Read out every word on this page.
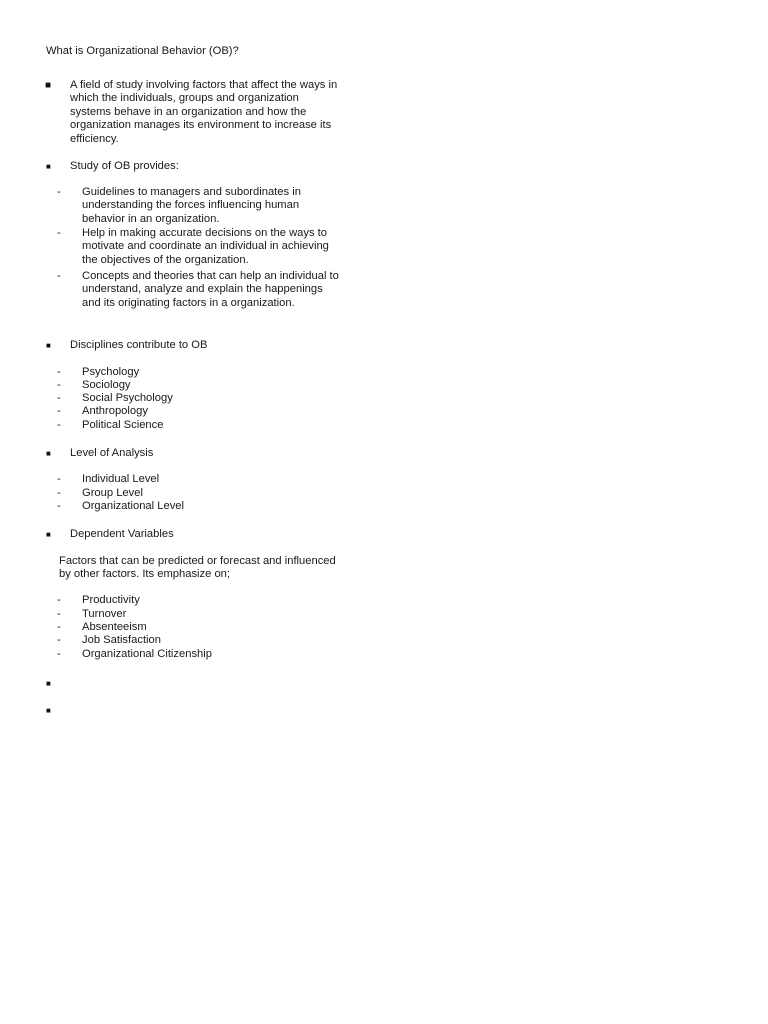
What is Organizational Behavior (OB)?
■ A field of study involving factors that affect the ways in which the individuals, groups and organization systems behave in an organization and how the organization manages its environment to increase its efficiency.
■ Study of OB provides:
-	Guidelines to managers and subordinates in understanding the forces influencing human behavior in an organization.
-	Help in making accurate decisions on the ways to motivate and coordinate an individual in achieving the objectives of the organization.
-	Concepts and theories that can help an individual to understand, analyze and explain the happenings and its originating factors in a organization.
■ Disciplines contribute to OB
-	Psychology
-	Sociology
-	Social Psychology
-	Anthropology
-	Political Science
■ Level of Analysis
-	Individual Level
-	Group Level
-	Organizational Level
■ Dependent Variables
Factors that can be predicted or forecast and influenced by other factors. Its emphasize on;
-	Productivity
-	Turnover
-	Absenteeism
-	Job Satisfaction
-	Organizational Citizenship
■
■
